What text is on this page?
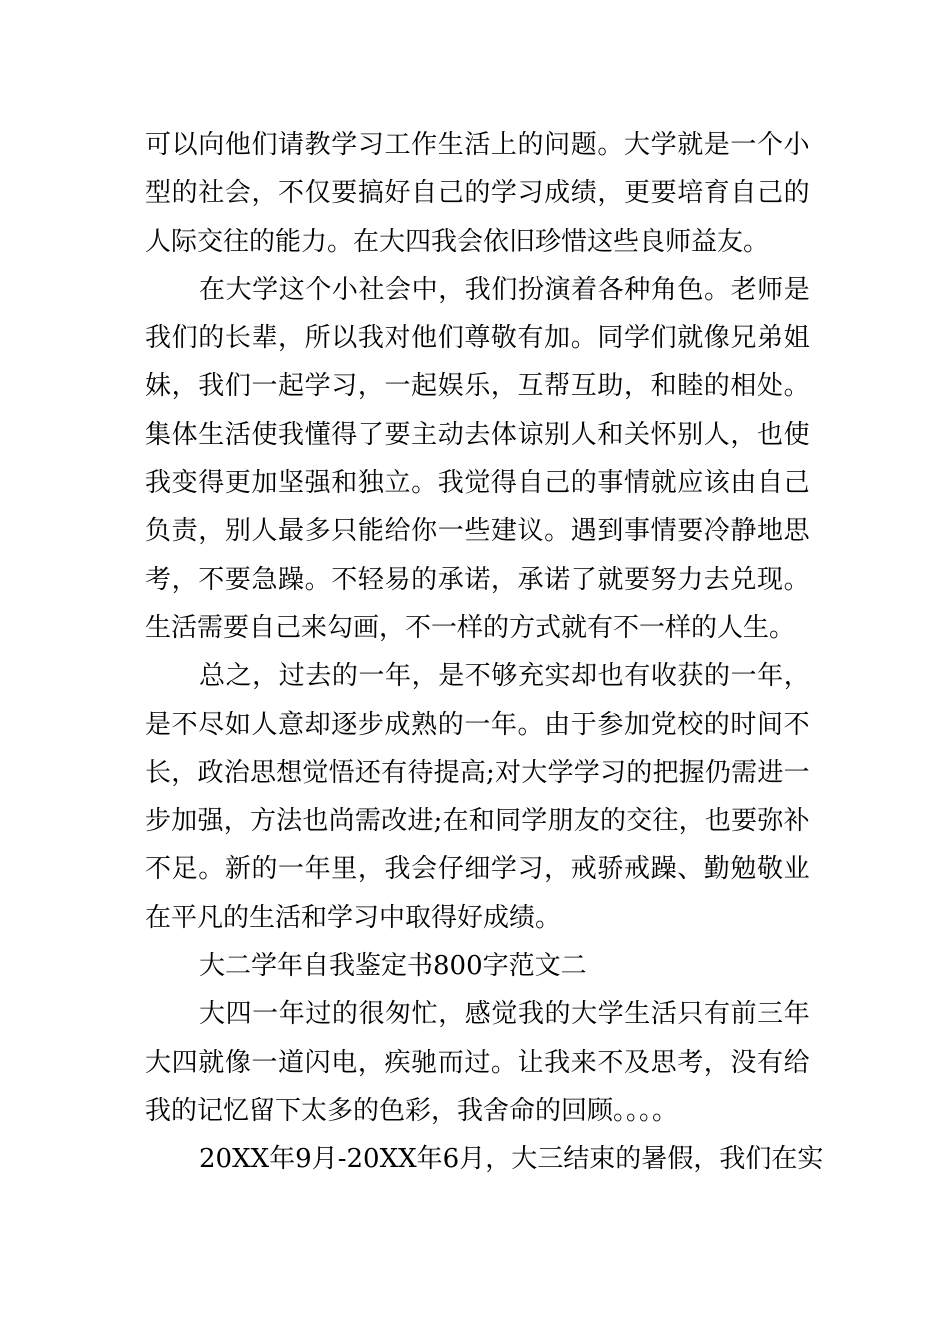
可 以 向 他 们 请 教 学 习 工 作 生 活 上 的 问 题 。 大 学 就 是 一 个 小
型 的 社 会 ， 不 仅 要 搞 好 自 己 的 学 习 成 绩 ， 更 要 培 育 自 己 的
人际交往的能力。在大四我会依旧珍惜这些良师益友。
在 大 学 这 个 小 社 会 中 ， 我 们 扮 演 着 各 种 角 色 。 老 师 是
我 们 的 长 辈 ， 所 以 我 对 他 们 尊 敬 有 加 。 同 学 们 就 像 兄 弟 姐
妹 ， 我 们 一 起 学 习 ， 一 起 娱 乐 ， 互 帮 互 助 ， 和 睦 的 相 处 。
集 体 生 活 使 我 懂 得 了 要 主 动 去 体 谅 别 人 和 关 怀 别 人 ， 也 使
我 变 得 更 加 坚 强 和 独 立 。 我 觉 得 自 己 的 事 情 就 应 该 由 自 己
负 责 ， 别 人 最 多 只 能 给 你 一 些 建 议 。 遇 到 事 情 要 冷 静 地 思
考 ， 不 要 急 躁 。 不 轻 易 的 承 诺 ， 承 诺 了 就 要 努 力 去 兑 现 。
生活需要自己来勾画，不一样的方式就有不一样的人生。
总 之 ， 过 去 的 一 年 ， 是 不 够 充 实 却 也 有 收 获 的 一 年 ，
是 不 尽 如 人 意 却 逐 步 成 熟 的 一 年 。 由 于 参 加 党 校 的 时 间 不
长 ， 政 治 思 想 觉 悟 还 有 待 提 高 ; 对 大 学 学 习 的 把 握 仍 需 进 一
步 加 强 ， 方 法 也 尚 需 改 进 ; 在 和 同 学 朋 友 的 交 往 ， 也 要 弥 补
不 足 。 新 的 一 年 里 ， 我 会 仔 细 学 习 ， 戒 骄 戒 躁 、 勤 勉 敬 业
在平凡的生活和学习中取得好成绩。
大二学年自我鉴定书800字范文二
大 四 一 年 过 的 很 匆 忙 ， 感 觉 我 的 大 学 生 活 只 有 前 三 年
大 四 就 像 一 道 闪 电 ， 疾 驰 而 过 。 让 我 来 不 及 思 考 ， 没 有 给
我的记忆留下太多的色彩，我舍命的回顾。。。。
2 0 X X 年 9 月 - 2 0 X X 年 6 月 ， 大 三 结 束 的 暑 假 ， 我 们 在 实
